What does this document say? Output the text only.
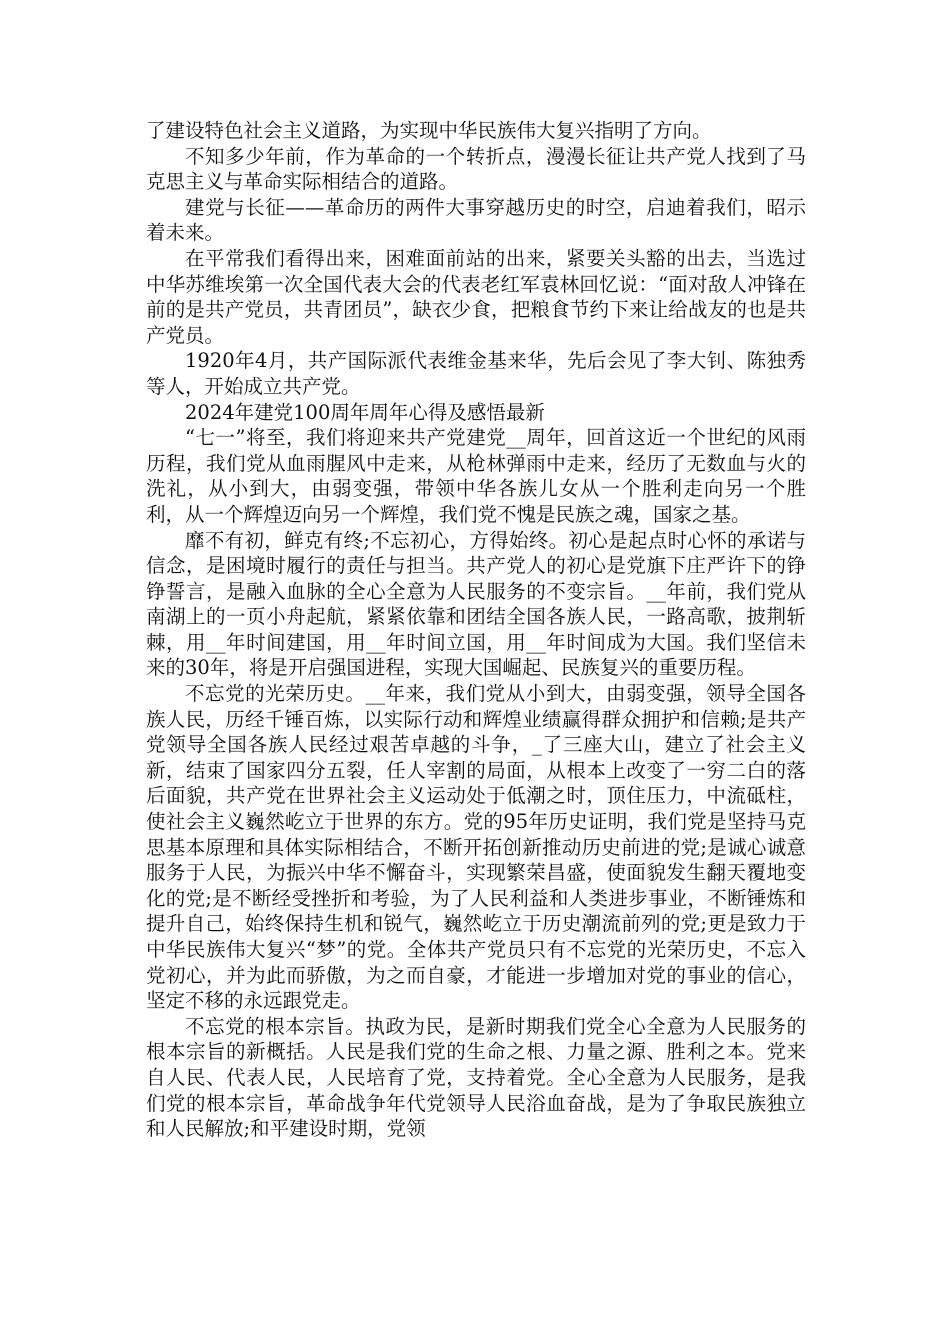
了建设特色社会主义道路，为实现中华民族伟大复兴指明了方向。

不知多少年前，作为革命的一个转折点，漫漫长征让共产党人找到了马克思主义与革命实际相结合的道路。

建党与长征——革命历的两件大事穿越历史的时空，启迪着我们，昭示着未来。

在平常我们看得出来，困难面前站的出来，紧要关头豁的出去，当选过中华苏维埃第一次全国代表大会的代表老红军袁林回忆说：“面对敌人冲锋在前的是共产党员，共青团员”，缺衣少食，把粮食节约下来让给战友的也是共产党员。

1920年4月，共产国际派代表维金基来华，先后会见了李大钊、陈独秀等人，开始成立共产党。

2024年建党100周年周年心得及感悟最新

“七一”将至，我们将迎来共产党建党__周年，回首这近一个世纪的风雨历程，我们党从血雨腥风中走来，从枪林弹雨中走来，经历了无数血与火的洗礼，从小到大，由弱变强，带领中华各族儿女从一个胜利走向另一个胜利，从一个辉煌迈向另一个辉煌，我们党不愧是民族之魂，国家之基。

靡不有初，鲜克有终;不忘初心，方得始终。初心是起点时心怀的承诺与信念，是困境时履行的责任与担当。共产党人的初心是党旗下庄严许下的铮铮誓言，是融入血脉的全心全意为人民服务的不变宗旨。__年前，我们党从南湖上的一页小舟起航，紧紧依靠和团结全国各族人民，一路高歌，披荆斩棘，用__年时间建国，用__年时间立国，用__年时间成为大国。我们坚信未来的30年，将是开启强国进程，实现大国崛起、民族复兴的重要历程。

不忘党的光荣历史。__年来，我们党从小到大，由弱变强，领导全国各族人民，历经千锤百炼，以实际行动和辉煌业绩赢得群众拥护和信赖;是共产党领导全国各族人民经过艰苦卓越的斗争，_了三座大山，建立了社会主义新，结束了国家四分五裂，任人宰割的局面，从根本上改变了一穷二白的落后面貌，共产党在世界社会主义运动处于低潮之时，顶住压力，中流砥柱，使社会主义巍然屹立于世界的东方。党的95年历史证明，我们党是坚持马克思基本原理和具体实际相结合，不断开拓创新推动历史前进的党;是诚心诚意服务于人民，为振兴中华不懈奋斗，实现繁荣昌盛，使面貌发生翻天覆地变化的党;是不断经受挫折和考验，为了人民利益和人类进步事业，不断锤炼和提升自己，始终保持生机和锐气，巍然屹立于历史潮流前列的党;更是致力于中华民族伟大复兴“梦”的党。全体共产党员只有不忘党的光荣历史，不忘入党初心，并为此而骄傲，为之而自豪，才能进一步增加对党的事业的信心，坚定不移的永远跟党走。

不忘党的根本宗旨。执政为民，是新时期我们党全心全意为人民服务的根本宗旨的新概括。人民是我们党的生命之根、力量之源、胜利之本。党来自人民、代表人民，人民培育了党，支持着党。全心全意为人民服务，是我们党的根本宗旨，革命战争年代党领导人民浴血奋战，是为了争取民族独立和人民解放;和平建设时期，党领
